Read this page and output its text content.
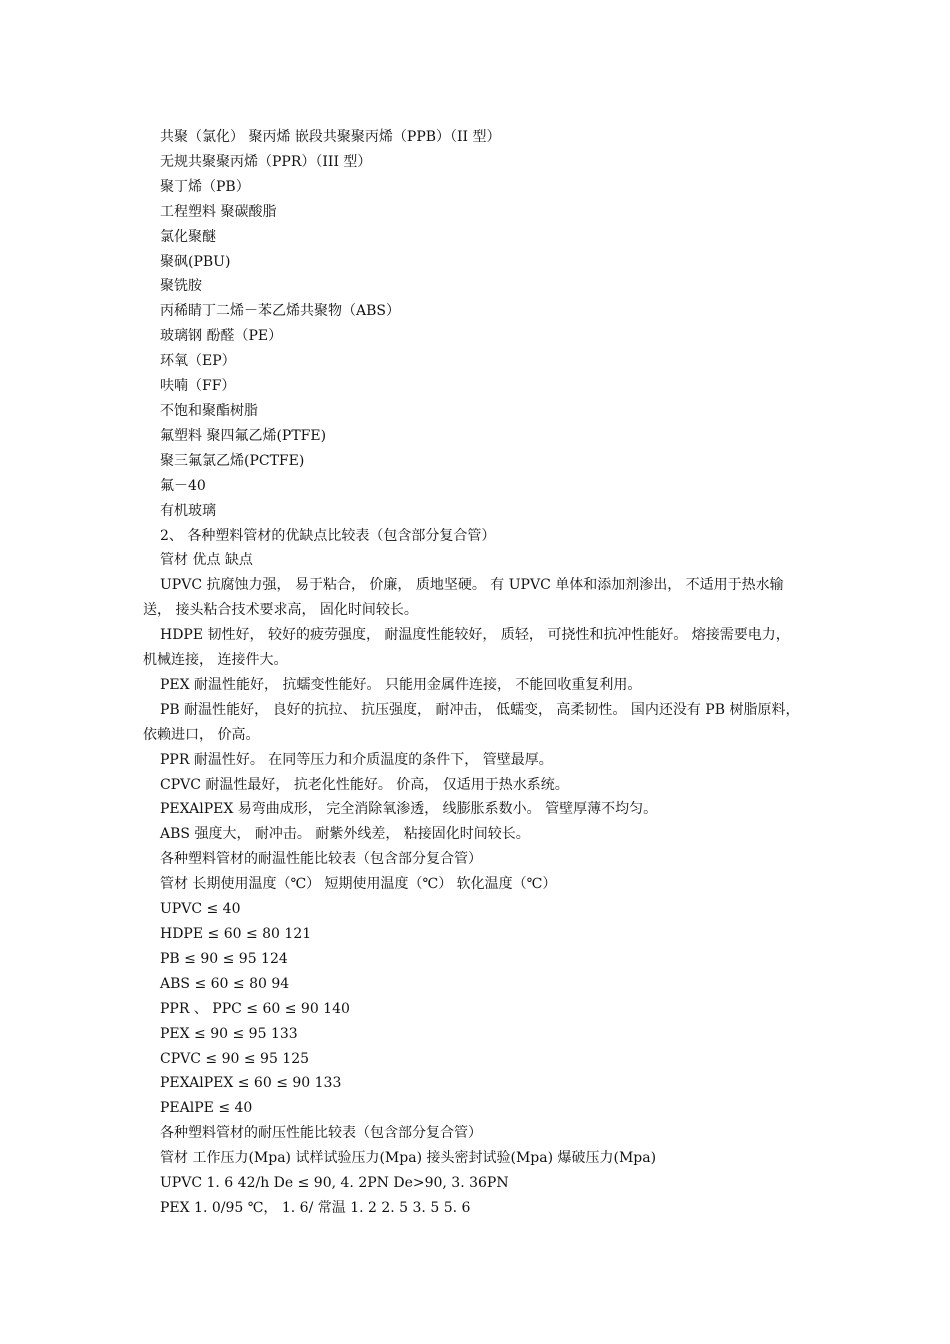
共聚（氯化） 聚丙烯 嵌段共聚聚丙烯（PPB）（II 型）
无规共聚聚丙烯（PPR）（III 型）
聚丁烯（PB）
工程塑料 聚碳酸脂
氯化聚醚
聚砜(PBU)
聚铣胺
丙稀睛丁二烯－苯乙烯共聚物（ABS）
玻璃钢 酚醛（PE）
环氧（EP）
呋喃（FF）
不饱和聚酯树脂
氟塑料 聚四氟乙烯(PTFE)
聚三氟氯乙烯(PCTFE)
氟－40
有机玻璃
2、 各种塑料管材的优缺点比较表（包含部分复合管）
管材 优点 缺点

UPVC 抗腐蚀力强， 易于粘合， 价廉， 质地坚硬。 有 UPVC 单体和添加剂渗出， 不适用于热水输送， 接头粘合技术要求高， 固化时间较长。

HDPE 韧性好， 较好的疲劳强度， 耐温度性能较好， 质轻， 可挠性和抗冲性能好。 熔接需要电力， 机械连接， 连接件大。

PEX 耐温性能好， 抗蠕变性能好。 只能用金属件连接， 不能回收重复利用。

PB 耐温性能好， 良好的抗拉、 抗压强度， 耐冲击， 低蠕变， 高柔韧性。 国内还没有 PB 树脂原料， 依赖进口， 价高。

PPR 耐温性好。 在同等压力和介质温度的条件下， 管壁最厚。

CPVC 耐温性最好， 抗老化性能好。 价高， 仅适用于热水系统。

PEXAlPEX 易弯曲成形， 完全消除氧渗透， 线膨胀系数小。 管壁厚薄不均匀。

ABS 强度大， 耐冲击。 耐紫外线差， 粘接固化时间较长。

各种塑料管材的耐温性能比较表（包含部分复合管）
管材 长期使用温度（℃） 短期使用温度（℃） 软化温度（℃）
UPVC ≤ 40
HDPE ≤ 60 ≤ 80 121
PB ≤ 90 ≤ 95 124
ABS ≤ 60 ≤ 80 94
PPR 、 PPC ≤ 60 ≤ 90 140
PEX ≤ 90 ≤ 95 133
CPVC ≤ 90 ≤ 95 125
PEXAlPEX ≤ 60 ≤ 90 133
PEAlPE ≤ 40
各种塑料管材的耐压性能比较表（包含部分复合管）
管材 工作压力(Mpa) 试样试验压力(Mpa) 接头密封试验(Mpa) 爆破压力(Mpa)
UPVC 1. 6 42/h De ≤ 90, 4. 2PN De>90, 3. 36PN
PEX 1. 0/95 ℃， 1. 6/ 常温 1. 2 2. 5 3. 5 5. 6
